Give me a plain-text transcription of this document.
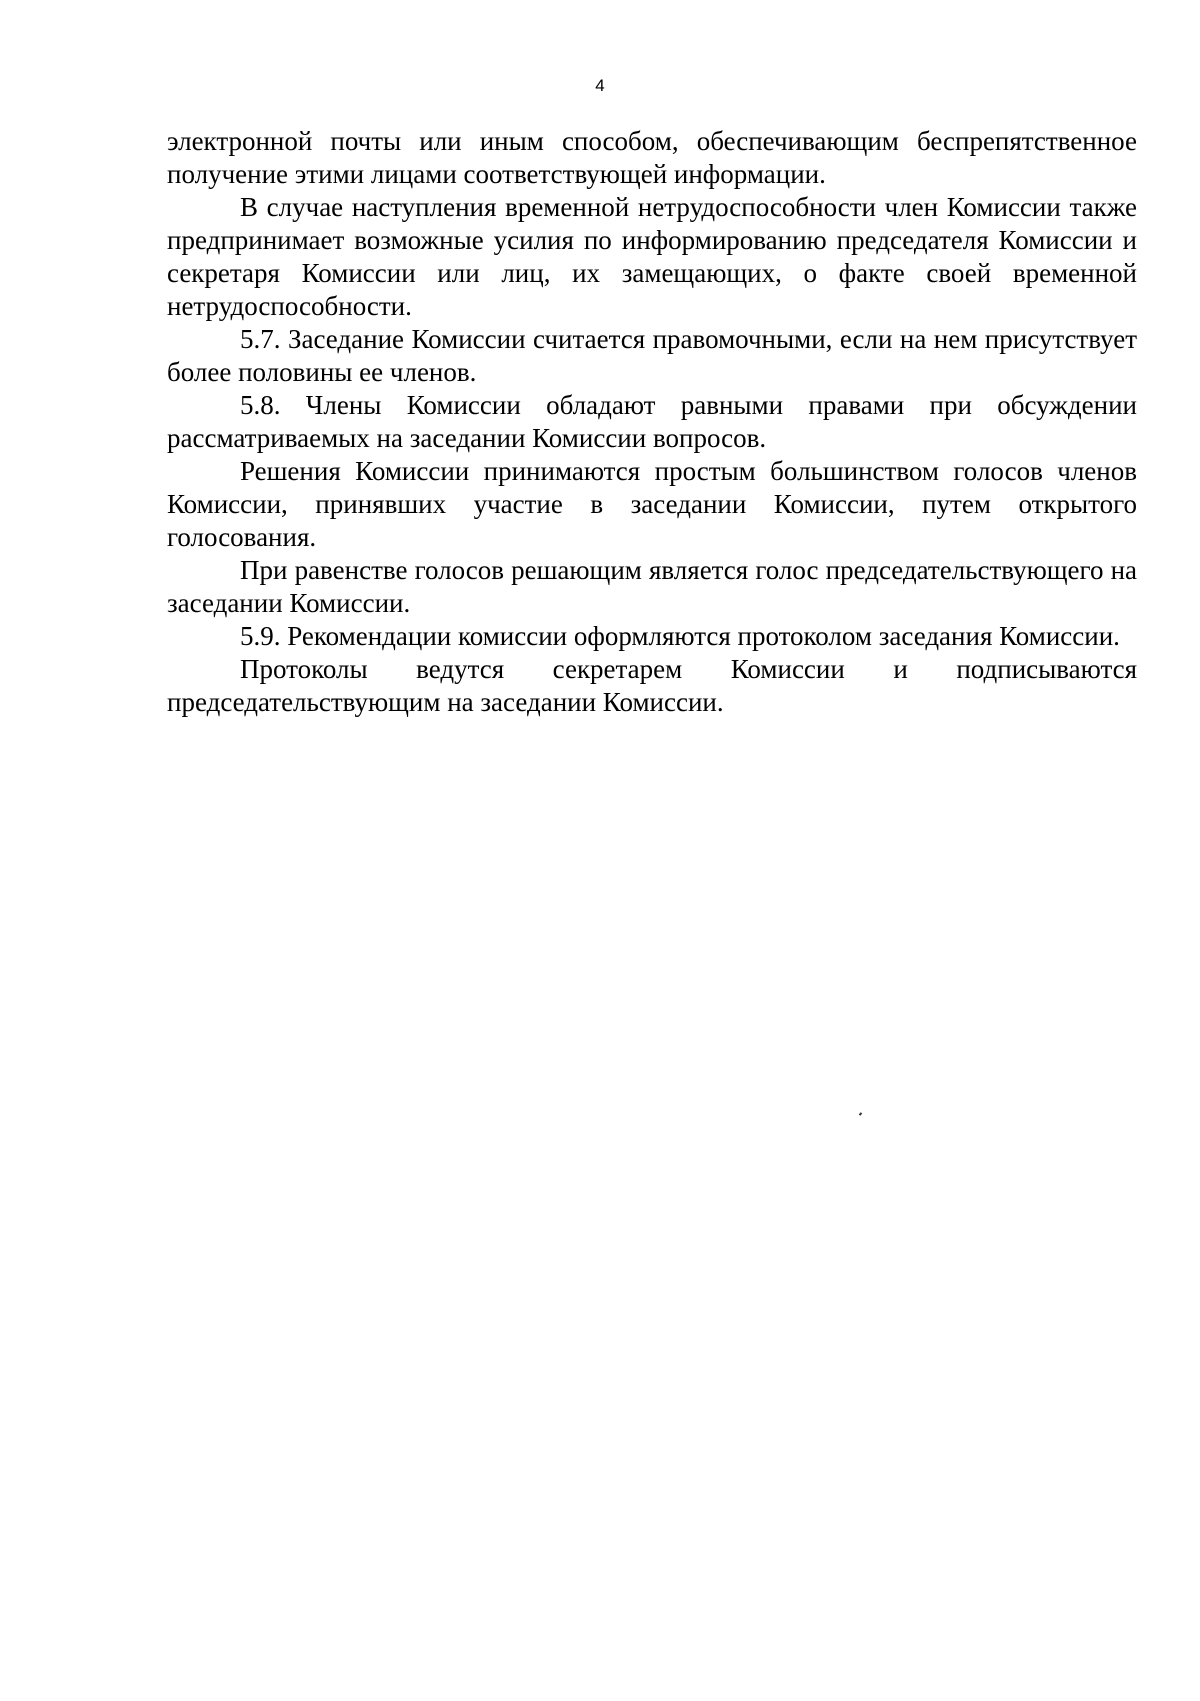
4

электронной почты или иным способом, обеспечивающим беспрепятственное получение этими лицами соответствующей информации.

В случае наступления временной нетрудоспособности член Комиссии также предпринимает возможные усилия по информированию председателя Комиссии и секретаря Комиссии или лиц, их замещающих, о факте своей временной нетрудоспособности.

5.7. Заседание Комиссии считается правомочными, если на нем присутствует более половины ее членов.

5.8. Члены Комиссии обладают равными правами при обсуждении рассматриваемых на заседании Комиссии вопросов.

Решения Комиссии принимаются простым большинством голосов членов Комиссии, принявших участие в заседании Комиссии, путем открытого голосования.

При равенстве голосов решающим является голос председательствующего на заседании Комиссии.

5.9. Рекомендации комиссии оформляются протоколом заседания Комиссии.

Протоколы ведутся секретарем Комиссии и подписываются председательствующим на заседании Комиссии.
